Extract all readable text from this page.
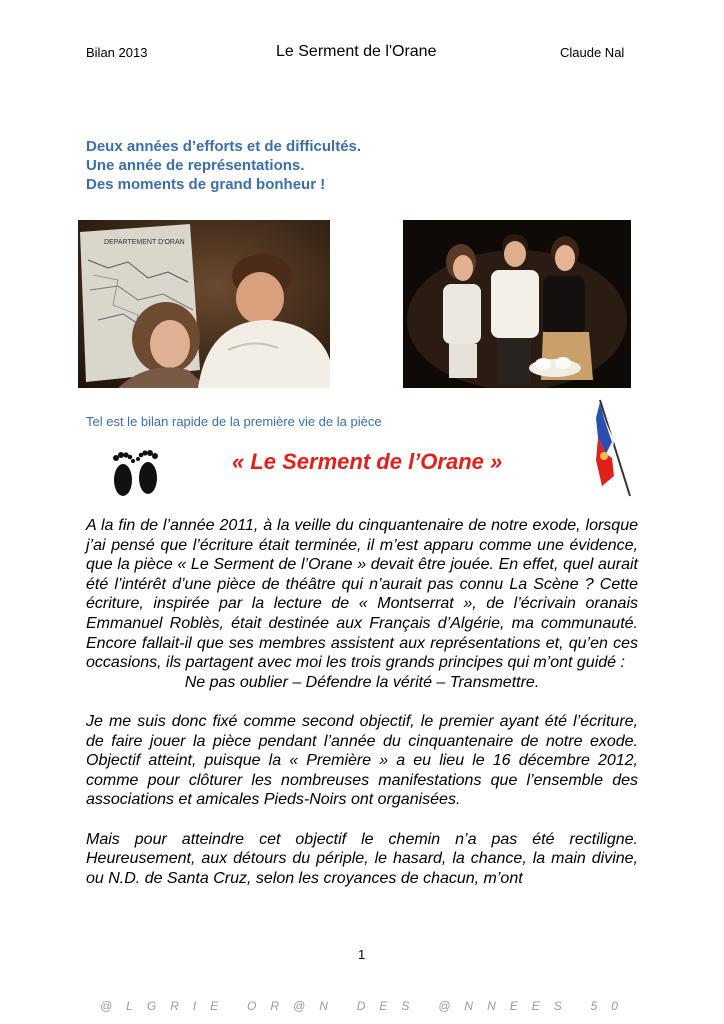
Bilan 2013	Le Serment de l'Orane	Claude Nal
Deux années d’efforts et de difficultés.
Une année de représentations.
Des moments de grand bonheur !
DEPARTEMENT D'ORAN
Tel est le bilan rapide de la première vie de la pièce
« Le Serment de l’Orane »

A la fin de l’année 2011, à la veille du cinquantenaire de notre exode, lorsque j’ai pensé que l’écriture était terminée, il m’est apparu comme une évidence, que la pièce « Le Serment de l’Orane » devait être jouée. En effet, quel aurait été l’intérêt d’une pièce de théâtre qui n’aurait pas connu La Scène ? Cette écriture, inspirée par la lecture de « Montserrat », de l’écrivain oranais Emmanuel Roblès, était destinée aux Français d’Algérie, ma communauté. Encore fallait-il que ses membres assistent aux représentations et, qu’en ces occasions, ils partagent avec moi les trois grands principes qui m’ont guidé :
Ne pas oublier – Défendre la vérité – Transmettre.

Je me suis donc fixé comme second objectif, le premier ayant été l’écriture, de faire jouer la pièce pendant l’année du cinquantenaire de notre exode. Objectif atteint, puisque la « Première » a eu lieu le 16 décembre 2012, comme pour clôturer les nombreuses manifestations que l’ensemble des associations et amicales Pieds-Noirs ont organisées.

Mais pour atteindre cet objectif le chemin n’a pas été rectiligne. Heureusement, aux détours du périple, le hasard, la chance, la main divine, ou N.D. de Santa Cruz, selon les croyances de chacun, m’ont

1
@LGRIE OR@N DES @NNEES 50
